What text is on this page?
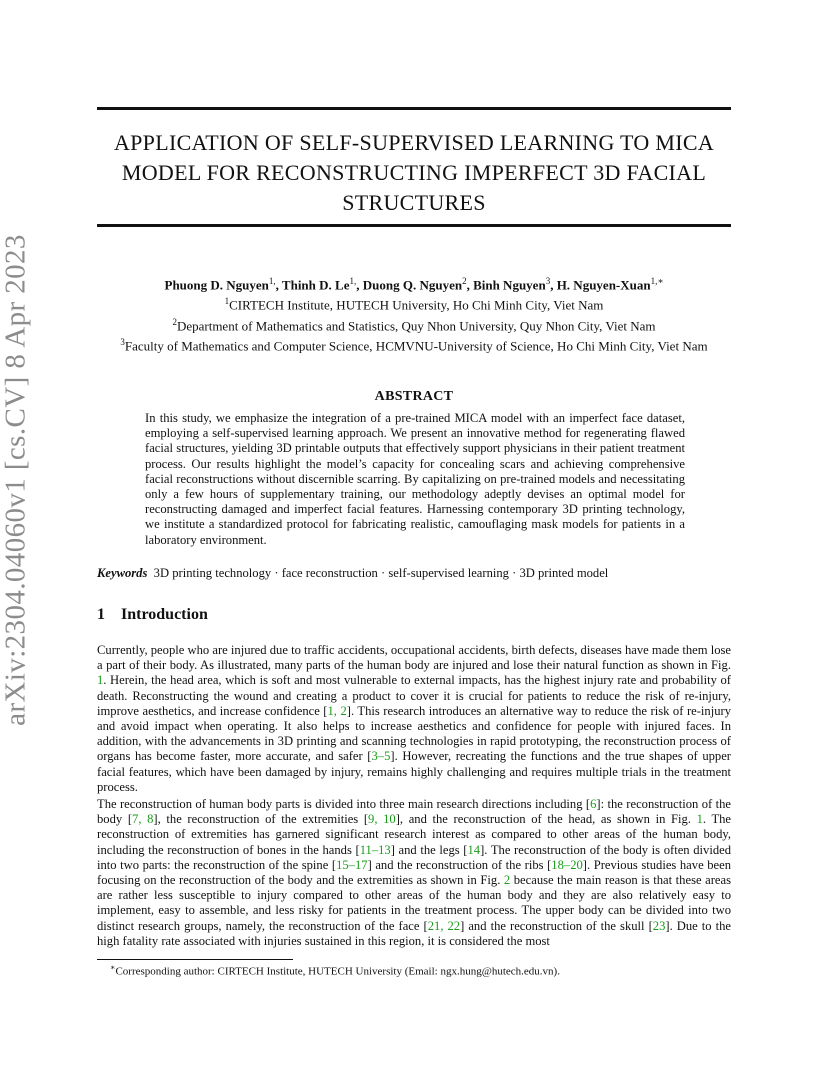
arXiv:2304.04060v1 [cs.CV] 8 Apr 2023
APPLICATION OF SELF-SUPERVISED LEARNING TO MICA
MODEL FOR RECONSTRUCTING IMPERFECT 3D FACIAL
STRUCTURES
Phuong D. Nguyen$^{1,}$, Thinh D. $Le^{1,}$, Duong Q. Nguyen$^2$, Binh Nguyen$^3$, H. Nguyen-Xuan$^{1,∗}$
$^1$CIRTECH Institute, HUTECH University, Ho Chi Minh City, Viet Nam
$^2$Department of Mathematics and Statistics, Quy Nhon University, Quy Nhon City, Viet Nam
$^3$Faculty of Mathematics and Computer Science, HCMVNU-University of Science, Ho Chi Minh City, Viet Nam
ABSTRACT
In this study, we emphasize the integration of a pre-trained MICA model with an imperfect face dataset, employing a self-supervised learning approach. We present an innovative method for regenerating flawed facial structures, yielding 3D printable outputs that effectively support physicians in their patient treatment process. Our results highlight the model’s capacity for concealing scars and achieving comprehensive facial reconstructions without discernible scarring. By capitalizing on pre-trained models and necessitating only a few hours of supplementary training, our methodology adeptly devises an optimal model for reconstructing damaged and imperfect facial features. Harnessing contemporary 3D printing technology, we institute a standardized protocol for fabricating realistic, camouflaging mask models for patients in a laboratory environment.
Keywords 3D printing technology · face reconstruction · self-supervised learning · 3D printed model
1 Introduction
Currently, people who are injured due to traffic accidents, occupational accidents, birth defects, diseases have made them lose a part of their body. As illustrated, many parts of the human body are injured and lose their natural function as shown in Fig. 1. Herein, the head area, which is soft and most vulnerable to external impacts, has the highest injury rate and probability of death. Reconstructing the wound and creating a product to cover it is crucial for patients to reduce the risk of re-injury, improve aesthetics, and increase confidence [1, 2]. This research introduces an alternative way to reduce the risk of re-injury and avoid impact when operating. It also helps to increase aesthetics and confidence for people with injured faces. In addition, with the advancements in 3D printing and scanning technologies in rapid prototyping, the reconstruction process of organs has become faster, more accurate, and safer [3–5]. However, recreating the functions and the true shapes of upper facial features, which have been damaged by injury, remains highly challenging and requires multiple trials in the treatment process.
The reconstruction of human body parts is divided into three main research directions including [6]: the reconstruction of the body [7, 8], the reconstruction of the extremities [9, 10], and the reconstruction of the head, as shown in Fig. 1. The reconstruction of extremities has garnered significant research interest as compared to other areas of the human body, including the reconstruction of bones in the hands [11–13] and the legs [14]. The reconstruction of the body is often divided into two parts: the reconstruction of the spine [15–17] and the reconstruction of the ribs [18–20]. Previous studies have been focusing on the reconstruction of the body and the extremities as shown in Fig. 2 because the main reason is that these areas are rather less susceptible to injury compared to other areas of the human body and they are also relatively easy to implement, easy to assemble, and less risky for patients in the treatment process. The upper body can be divided into two distinct research groups, namely, the reconstruction of the face [21, 22] and the reconstruction of the skull [23]. Due to the high fatality rate associated with injuries sustained in this region, it is considered the most
∗Corresponding author: CIRTECH Institute, HUTECH University (Email: ngx.hung@hutech.edu.vn).
